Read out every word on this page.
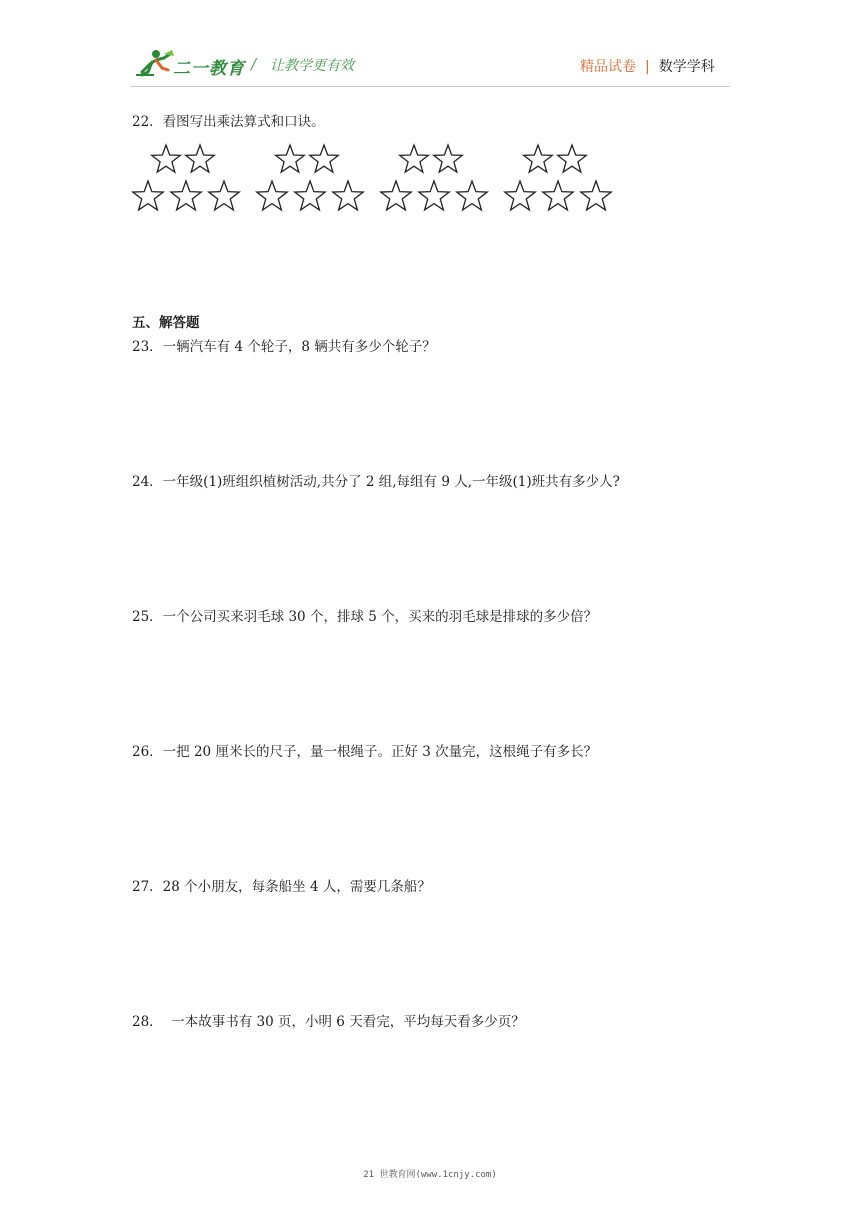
二一教育 / 让教学更有效	精品试卷 | 数学学科
22．看图写出乘法算式和口诀。
五、解答题
23．一辆汽车有 4 个轮子，8 辆共有多少个轮子？
24．一年级(1)班组织植树活动,共分了 2 组,每组有 9 人,一年级(1)班共有多少人?
25．一个公司买来羽毛球 30 个，排球 5 个，买来的羽毛球是排球的多少倍？
26．一把 20 厘米长的尺子，量一根绳子。正好 3 次量完，这根绳子有多长？
27．28 个小朋友，每条船坐 4 人，需要几条船？
28．  一本故事书有 30 页，小明 6 天看完，平均每天看多少页？
21 世教育网(www.1cnjy.com)
